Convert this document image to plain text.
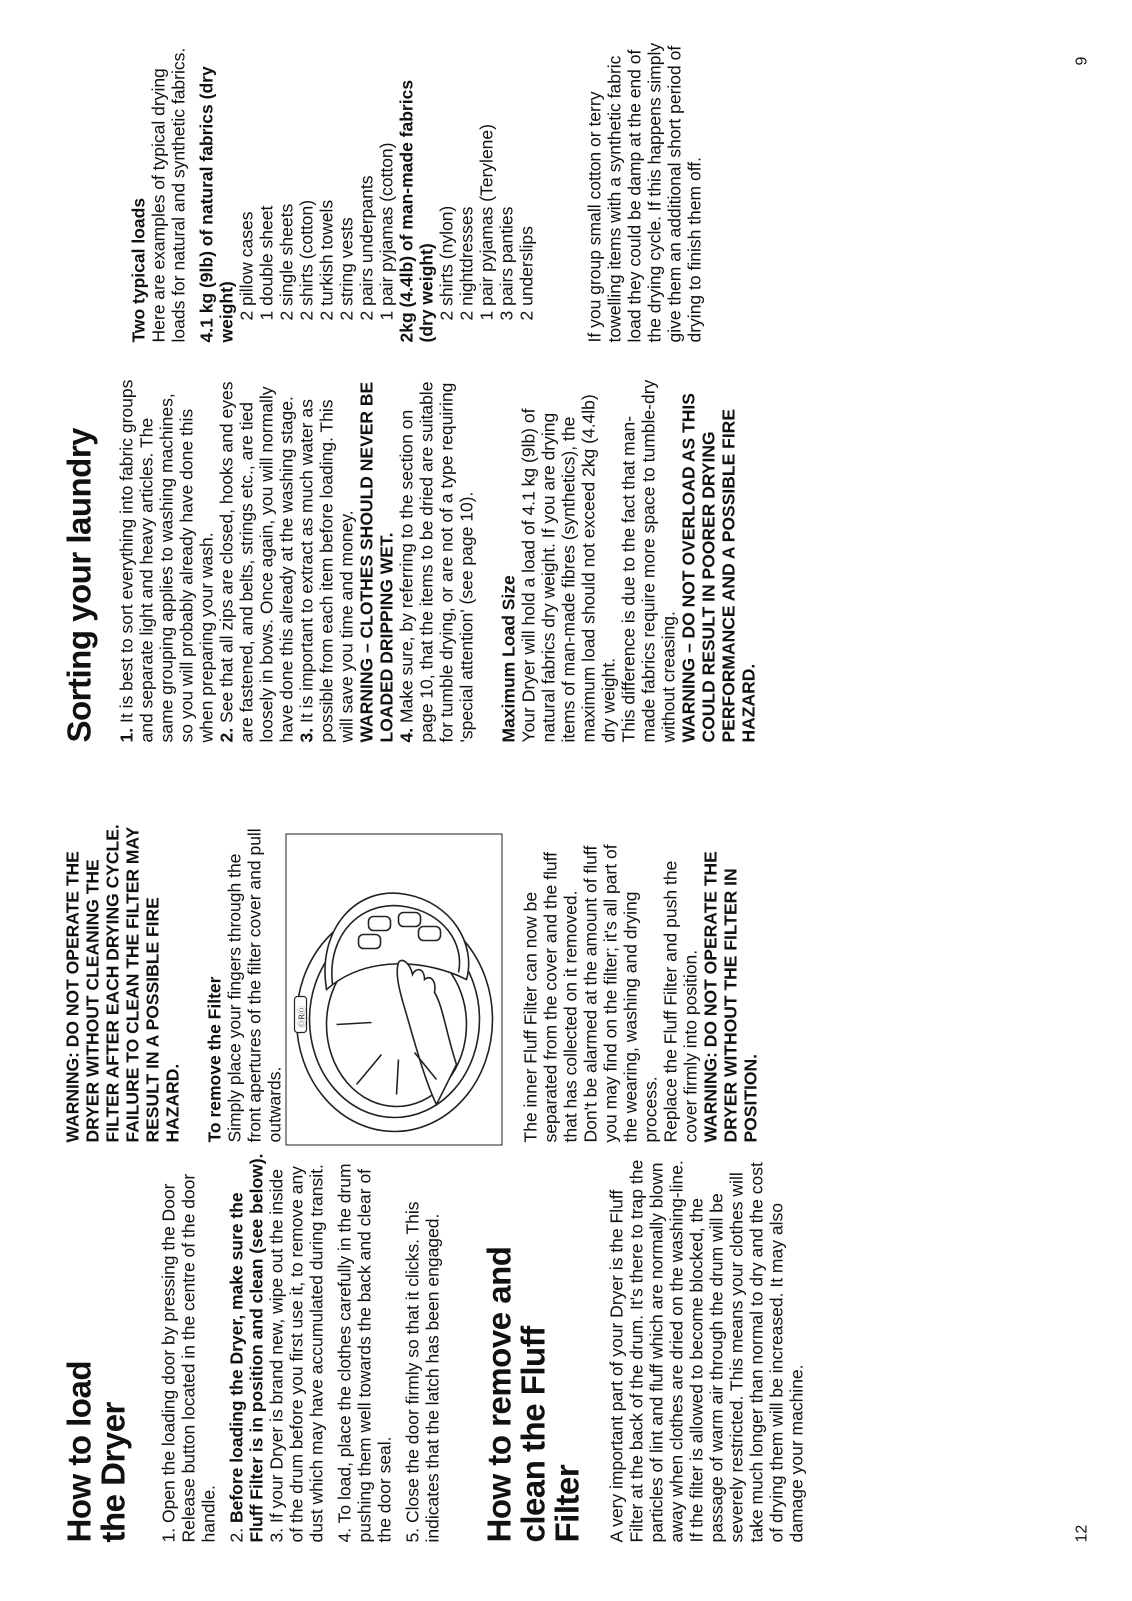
12
9
How to load the Dryer 1. Open the loading door by pressing the Door Release button located in the centre of the door handle. 2. Before loading the Dryer, make sure the Fluff Filter is in position and clean (see below). 3. If your Dryer is brand new, wipe out the inside of the drum before you first use it, to remove any dust which may have accumulated during transit. 4. To load, place the clothes carefully in the drum pushing them well towards the back and clear of the door seal. 5. Close the door firmly so that it clicks. This indicates that the latch has been engaged. How to remove and clean the Fluff Filter A very important part of your Dryer is the Fluff Filter at the back of the drum. It's there to trap the particles of lint and fluff which are normally blown away when clothes are dried on the washing-line. If the filter is allowed to become blocked, the passage of warm air through the drum will be severely restricted. This means your clothes will take much longer than normal to dry and the cost of drying them will be increased. It may also damage your machine.

WARNING: DO NOT OPERATE THE DRYER WITHOUT CLEANING THE FILTER AFTER EACH DRYING CYCLE. FAILURE TO CLEAN THE FILTER MAY RESULT IN A POSSIBLE FIRE HAZARD. To remove the Filter Simply place your fingers through the front apertures of the filter cover and pull outwards.

ⓄRⓄ	The inner Fluff Filter can now be separated from the cover and the fluff that has collected on it removed. Don't be alarmed at the amount of fluff you may find on the filter; it's all part of the wearing, washing and drying process. Replace the Fluff Filter and push the cover firmly into position. WARNING: DO NOT OPERATE THE DRYER WITHOUT THE FILTER IN POSITION.

Sorting your laundry 1. It is best to sort everything into fabric groups and separate light and heavy articles. The same grouping applies to washing machines, so you will probably already have done this when preparing your wash. 2. See that all zips are closed, hooks and eyes are fastened, and belts, strings etc., are tied loosely in bows. Once again, you will normally have done this already at the washing stage. 3. It is important to extract as much water as possible from each item before loading. This will save you time and money. WARNING – CLOTHES SHOULD NEVER BE LOADED DRIPPING WET. 4. Make sure, by referring to the section on page 10, that the items to be dried are suitable for tumble drying, or are not of a type requiring 'special attention' (see page 10). Maximum Load Size Your Dryer will hold a load of 4.1 kg (9lb) of natural fabrics dry weight. If you are drying items of man-made fibres (synthetics), the maximum load should not exceed 2kg (4.4lb) dry weight. This difference is due to the fact that man-made fabrics require more space to tumble-dry without creasing. WARNING – DO NOT OVERLOAD AS THIS COULD RESULT IN POORER DRYING PERFORMANCE AND A POSSIBLE FIRE HAZARD.

Two typical loads Here are examples of typical drying loads for natural and synthetic fabrics. 4.1 kg (9lb) of natural fabrics (dry weight) 2 pillow cases 1 double sheet 2 single sheets 2 shirts (cotton) 2 turkish towels 2 string vests 2 pairs underpants 1 pair pyjamas (cotton) 2kg (4.4lb) of man-made fabrics (dry weight) 2 shirts (nylon) 2 nightdresses 1 pair pyjamas (Terylene) 3 pairs panties 2 underslips	If you group small cotton or terry towelling items with a synthetic fabric load they could be damp at the end of the drying cycle. If this happens simply give them an additional short period of drying to finish them off.
